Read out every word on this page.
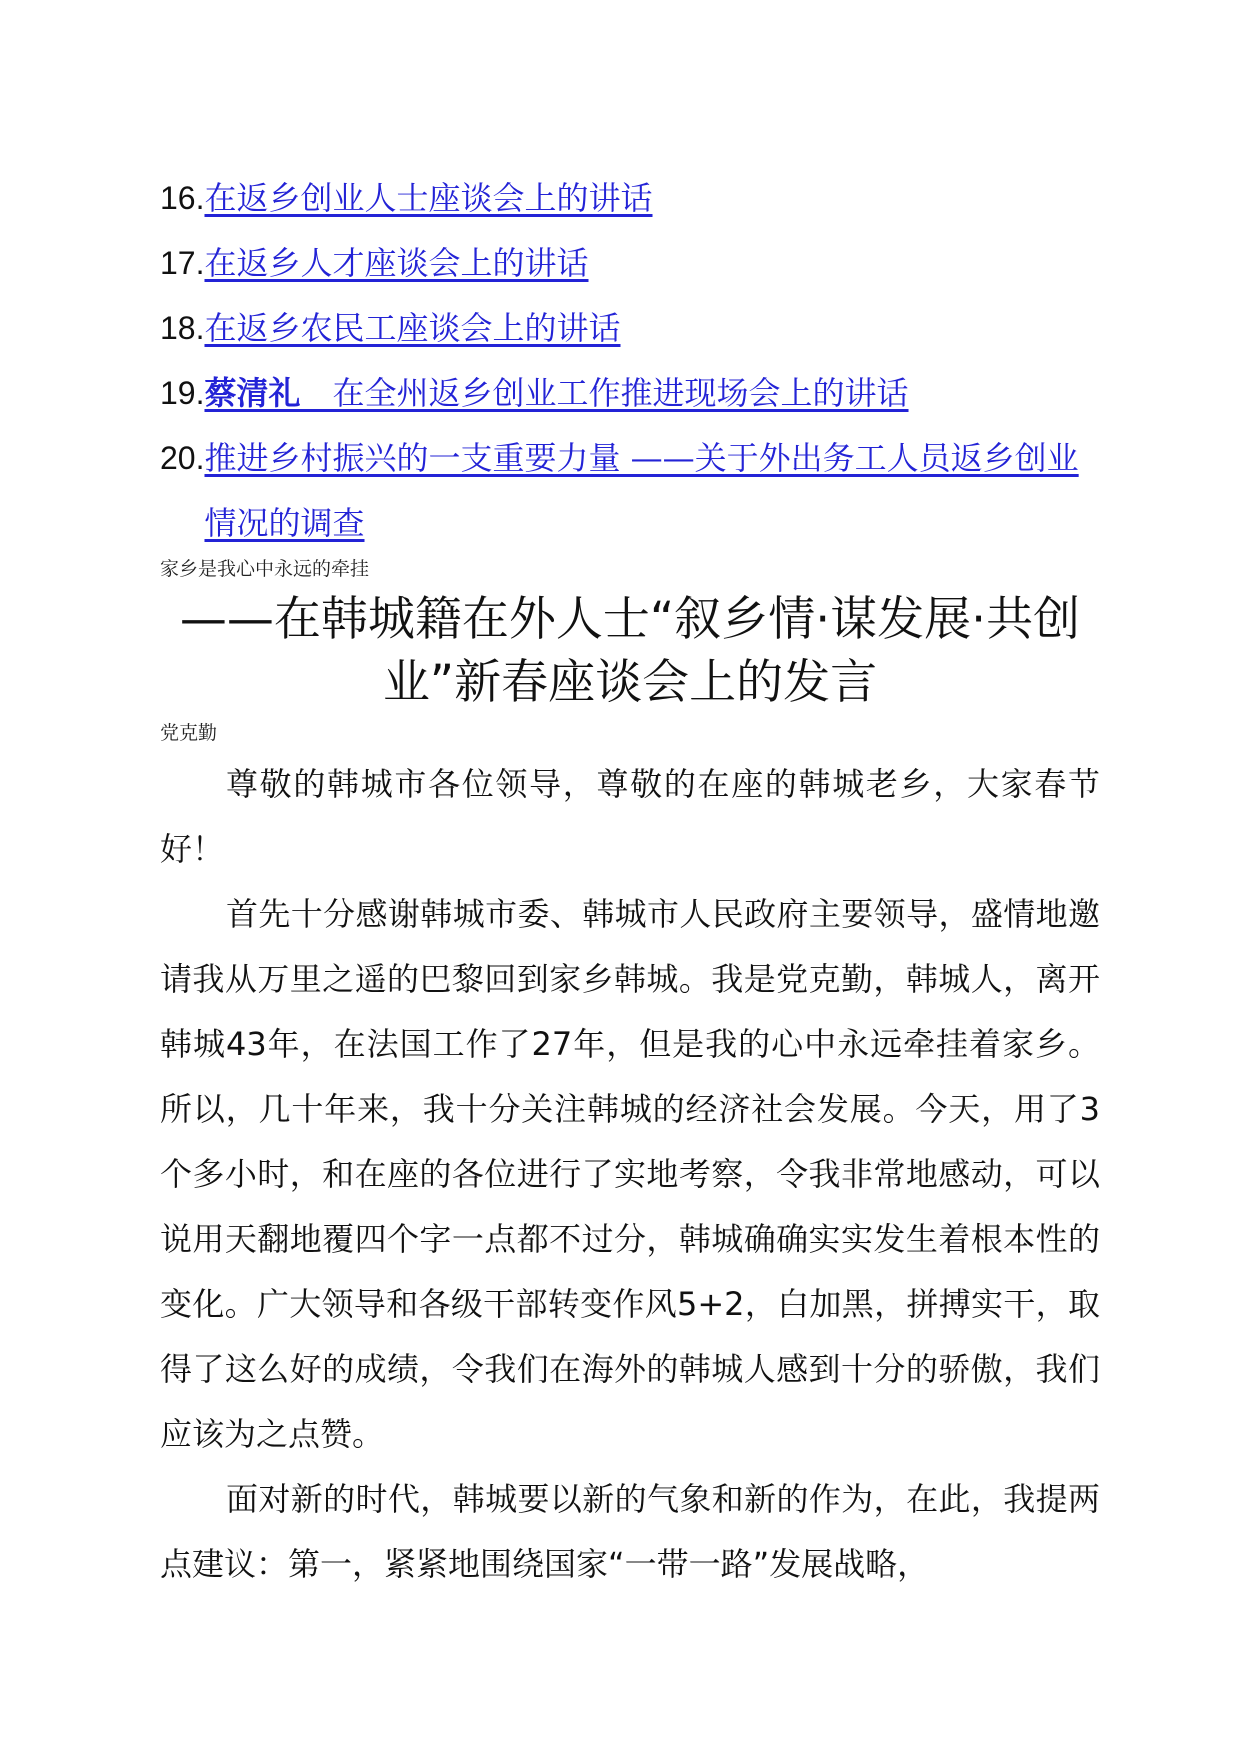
16. 在返乡创业人士座谈会上的讲话
17. 在返乡人才座谈会上的讲话
18. 在返乡农民工座谈会上的讲话
19. 蔡清礼　在全州返乡创业工作推进现场会上的讲话
20. 推进乡村振兴的一支重要力量 ——关于外出务工人员返乡创业情况的调查
家乡是我心中永远的牵挂
——在韩城籍在外人士“叙乡情·谋发展·共创业”新春座谈会上的发言
党克勤

尊敬的韩城市各位领导，尊敬的在座的韩城老乡，大家春节好！

首先十分感谢韩城市委、韩城市人民政府主要领导，盛情地邀请我从万里之遥的巴黎回到家乡韩城。我是党克勤，韩城人，离开韩城43年，在法国工作了27年，但是我的心中永远牵挂着家乡。所以，几十年来，我十分关注韩城的经济社会发展。今天，用了3个多小时，和在座的各位进行了实地考察，令我非常地感动，可以说用天翻地覆四个字一点都不过分，韩城确确实实发生着根本性的变化。广大领导和各级干部转变作风5+2，白加黑，拼搏实干，取得了这么好的成绩，令我们在海外的韩城人感到十分的骄傲，我们应该为之点赞。

面对新的时代，韩城要以新的气象和新的作为，在此，我提两点建议：第一，紧紧地围绕国家“一带一路”发展战略，
